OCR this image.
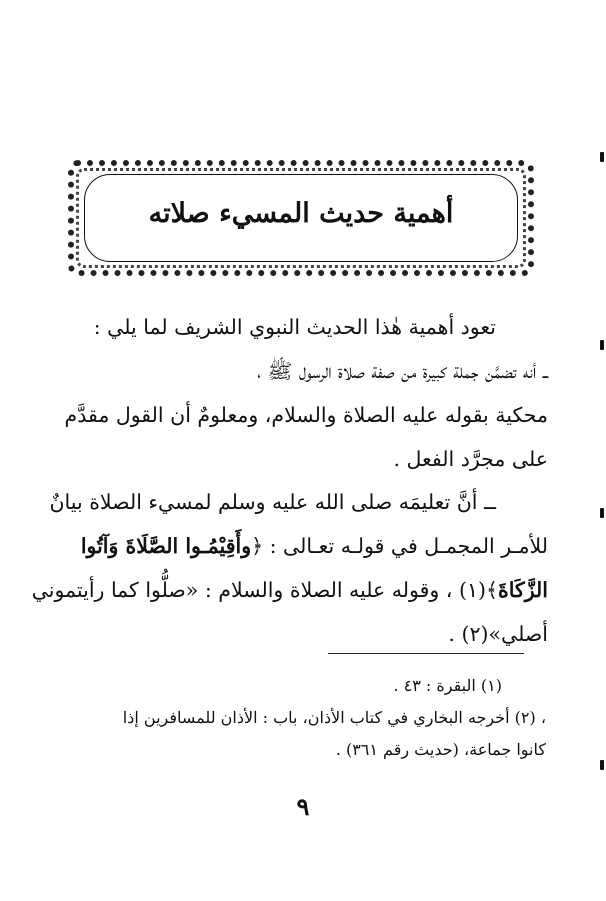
أهمية حديث المسيء صلاته
تعود أهمية هٰذا الحديث النبوي الشريف لما يلي :
ــ أنه تضمَّن جملة كبيرة من صفة صلاة الرسول ﷺ ،
محكية بقوله عليه الصلاة والسلام، ومعلومٌ أن القول مقدَّم
على مجرَّد الفعل .
ــ أنَّ تعليمَه صلى الله عليه وسلم لمسيء الصلاة بيانٌ
للأمـر المجمـل في قولـه تعـالى : ﴿وأَقِيْمُـوا الصَّلَاةَ وَآتُوا
الزَّكَاةَ﴾(١) ، وقوله عليه الصلاة والسلام : «صلُّوا كما رأيتموني
أصلي»(٢) .
(١) البقرة : ٤٣ .
، (٢) أخرجه البخاري في كتاب الأذان، باب : الأذان للمسافرين إذا
كانوا جماعة، (حديث رقم ٣٦١) .
٩
